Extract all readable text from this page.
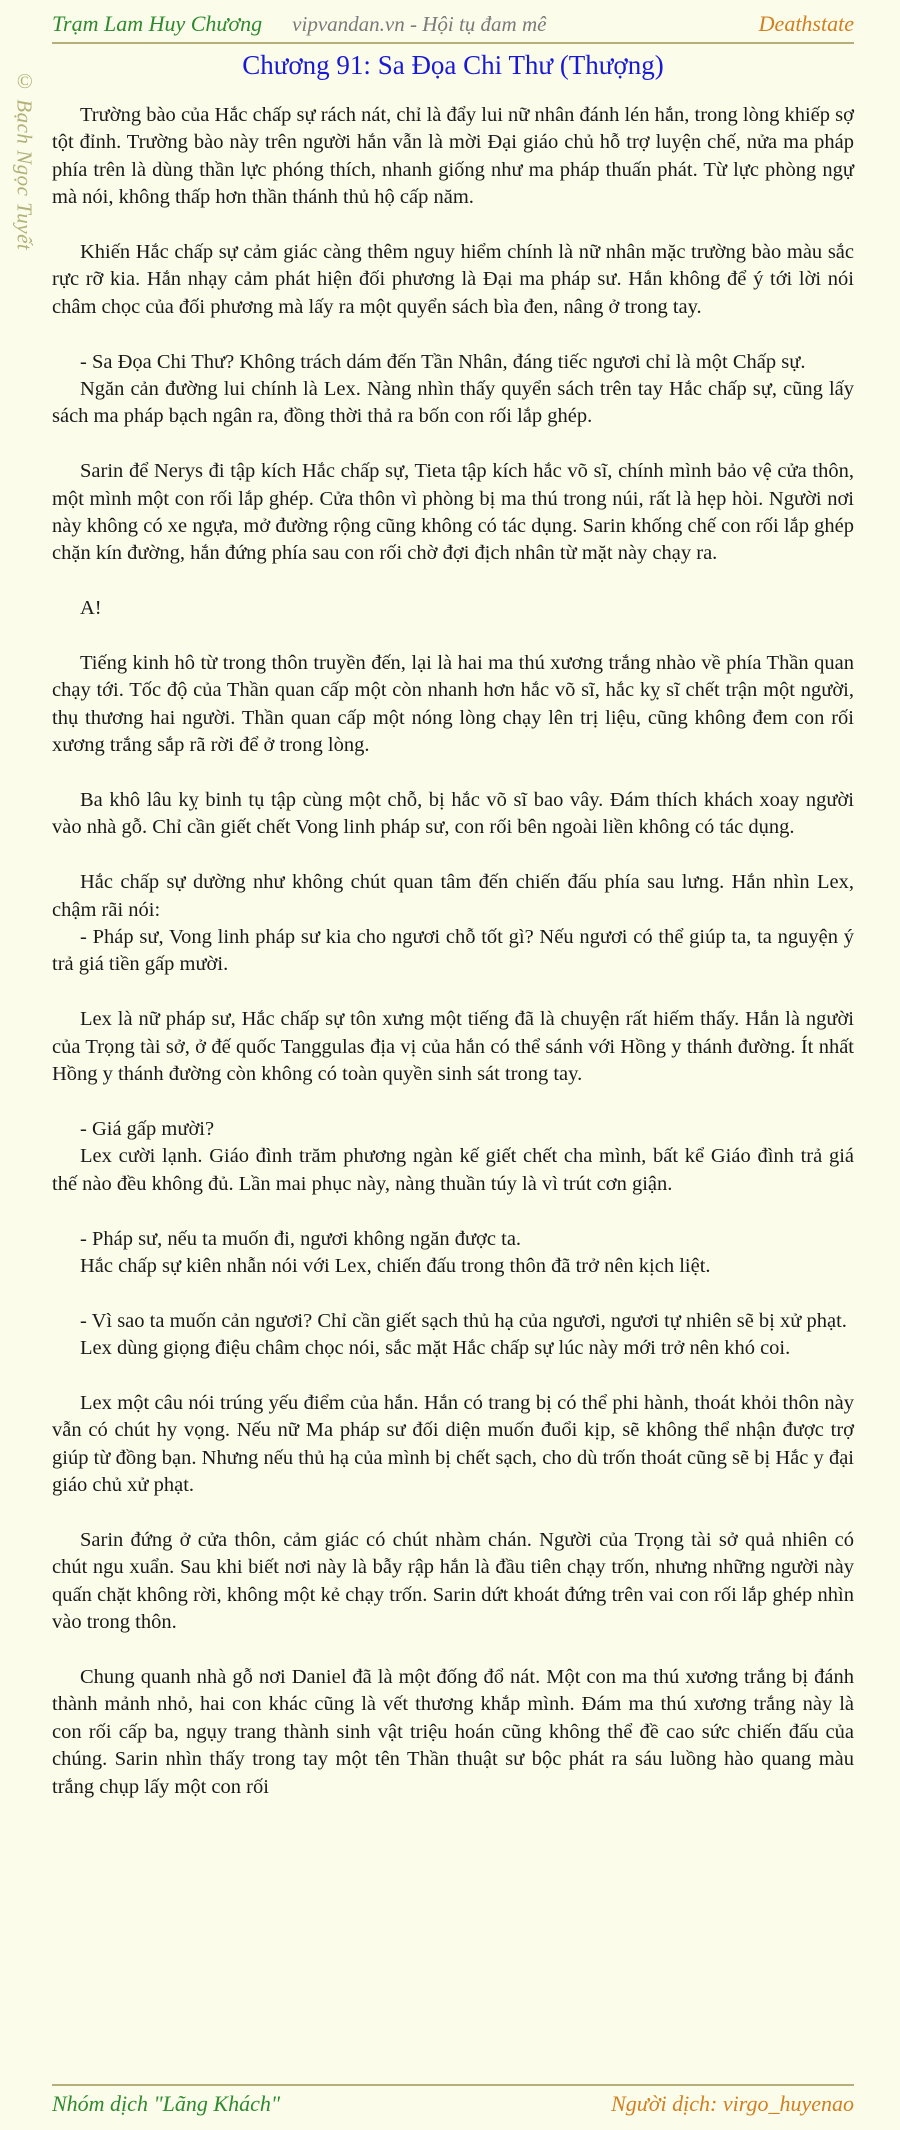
© Bạch Ngọc Tuyết
Trạm Lam Huy Chương vipvandan.vn - Hội tụ đam mê	Deathstate
Chương 91: Sa Đọa Chi Thư (Thượng)

Trường bào của Hắc chấp sự rách nát, chỉ là đẩy lui nữ nhân đánh lén hắn, trong lòng khiếp sợ tột đỉnh. Trường bào này trên người hắn vẫn là mời Đại giáo chủ hỗ trợ luyện chế, nửa ma pháp phía trên là dùng thần lực phóng thích, nhanh giống như ma pháp thuấn phát. Từ lực phòng ngự mà nói, không thấp hơn thần thánh thủ hộ cấp năm.

Khiến Hắc chấp sự cảm giác càng thêm nguy hiểm chính là nữ nhân mặc trường bào màu sắc rực rỡ kia. Hắn nhạy cảm phát hiện đối phương là Đại ma pháp sư. Hắn không để ý tới lời nói châm chọc của đối phương mà lấy ra một quyển sách bìa đen, nâng ở trong tay.

- Sa Đọa Chi Thư? Không trách dám đến Tần Nhân, đáng tiếc ngươi chỉ là một Chấp sự.

Ngăn cản đường lui chính là Lex. Nàng nhìn thấy quyển sách trên tay Hắc chấp sự, cũng lấy sách ma pháp bạch ngân ra, đồng thời thả ra bốn con rối lắp ghép.

Sarin để Nerys đi tập kích Hắc chấp sự, Tieta tập kích hắc võ sĩ, chính mình bảo vệ cửa thôn, một mình một con rối lắp ghép. Cửa thôn vì phòng bị ma thú trong núi, rất là hẹp hòi. Người nơi này không có xe ngựa, mở đường rộng cũng không có tác dụng. Sarin khống chế con rối lắp ghép chặn kín đường, hắn đứng phía sau con rối chờ đợi địch nhân từ mặt này chạy ra.

A!

Tiếng kinh hô từ trong thôn truyền đến, lại là hai ma thú xương trắng nhào về phía Thần quan chạy tới. Tốc độ của Thần quan cấp một còn nhanh hơn hắc võ sĩ, hắc kỵ sĩ chết trận một người, thụ thương hai người. Thần quan cấp một nóng lòng chạy lên trị liệu, cũng không đem con rối xương trắng sắp rã rời để ở trong lòng.

Ba khô lâu kỵ binh tụ tập cùng một chỗ, bị hắc võ sĩ bao vây. Đám thích khách xoay người vào nhà gỗ. Chỉ cần giết chết Vong linh pháp sư, con rối bên ngoài liền không có tác dụng.

Hắc chấp sự dường như không chút quan tâm đến chiến đấu phía sau lưng. Hắn nhìn Lex, chậm rãi nói:

- Pháp sư, Vong linh pháp sư kia cho ngươi chỗ tốt gì? Nếu ngươi có thể giúp ta, ta nguyện ý trả giá tiền gấp mười.

Lex là nữ pháp sư, Hắc chấp sự tôn xưng một tiếng đã là chuyện rất hiếm thấy. Hắn là người của Trọng tài sở, ở đế quốc Tanggulas địa vị của hắn có thể sánh với Hồng y thánh đường. Ít nhất Hồng y thánh đường còn không có toàn quyền sinh sát trong tay.

- Giá gấp mười?

Lex cười lạnh. Giáo đình trăm phương ngàn kế giết chết cha mình, bất kể Giáo đình trả giá thế nào đều không đủ. Lần mai phục này, nàng thuần túy là vì trút cơn giận.

- Pháp sư, nếu ta muốn đi, ngươi không ngăn được ta.

Hắc chấp sự kiên nhẫn nói với Lex, chiến đấu trong thôn đã trở nên kịch liệt.

- Vì sao ta muốn cản ngươi? Chỉ cần giết sạch thủ hạ của ngươi, ngươi tự nhiên sẽ bị xử phạt.

Lex dùng giọng điệu châm chọc nói, sắc mặt Hắc chấp sự lúc này mới trở nên khó coi.

Lex một câu nói trúng yếu điểm của hắn. Hắn có trang bị có thể phi hành, thoát khỏi thôn này vẫn có chút hy vọng. Nếu nữ Ma pháp sư đối diện muốn đuổi kịp, sẽ không thể nhận được trợ giúp từ đồng bạn. Nhưng nếu thủ hạ của mình bị chết sạch, cho dù trốn thoát cũng sẽ bị Hắc y đại giáo chủ xử phạt.

Sarin đứng ở cửa thôn, cảm giác có chút nhàm chán. Người của Trọng tài sở quả nhiên có chút ngu xuẩn. Sau khi biết nơi này là bẫy rập hắn là đầu tiên chạy trốn, nhưng những người này quấn chặt không rời, không một kẻ chạy trốn. Sarin dứt khoát đứng trên vai con rối lắp ghép nhìn vào trong thôn.

Chung quanh nhà gỗ nơi Daniel đã là một đống đổ nát. Một con ma thú xương trắng bị đánh thành mảnh nhỏ, hai con khác cũng là vết thương khắp mình. Đám ma thú xương trắng này là con rối cấp ba, ngụy trang thành sinh vật triệu hoán cũng không thể đề cao sức chiến đấu của chúng. Sarin nhìn thấy trong tay một tên Thần thuật sư bộc phát ra sáu luồng hào quang màu trắng chụp lấy một con rối

Nhóm dịch "Lãng Khách"	Người dịch: virgo_huyenao
